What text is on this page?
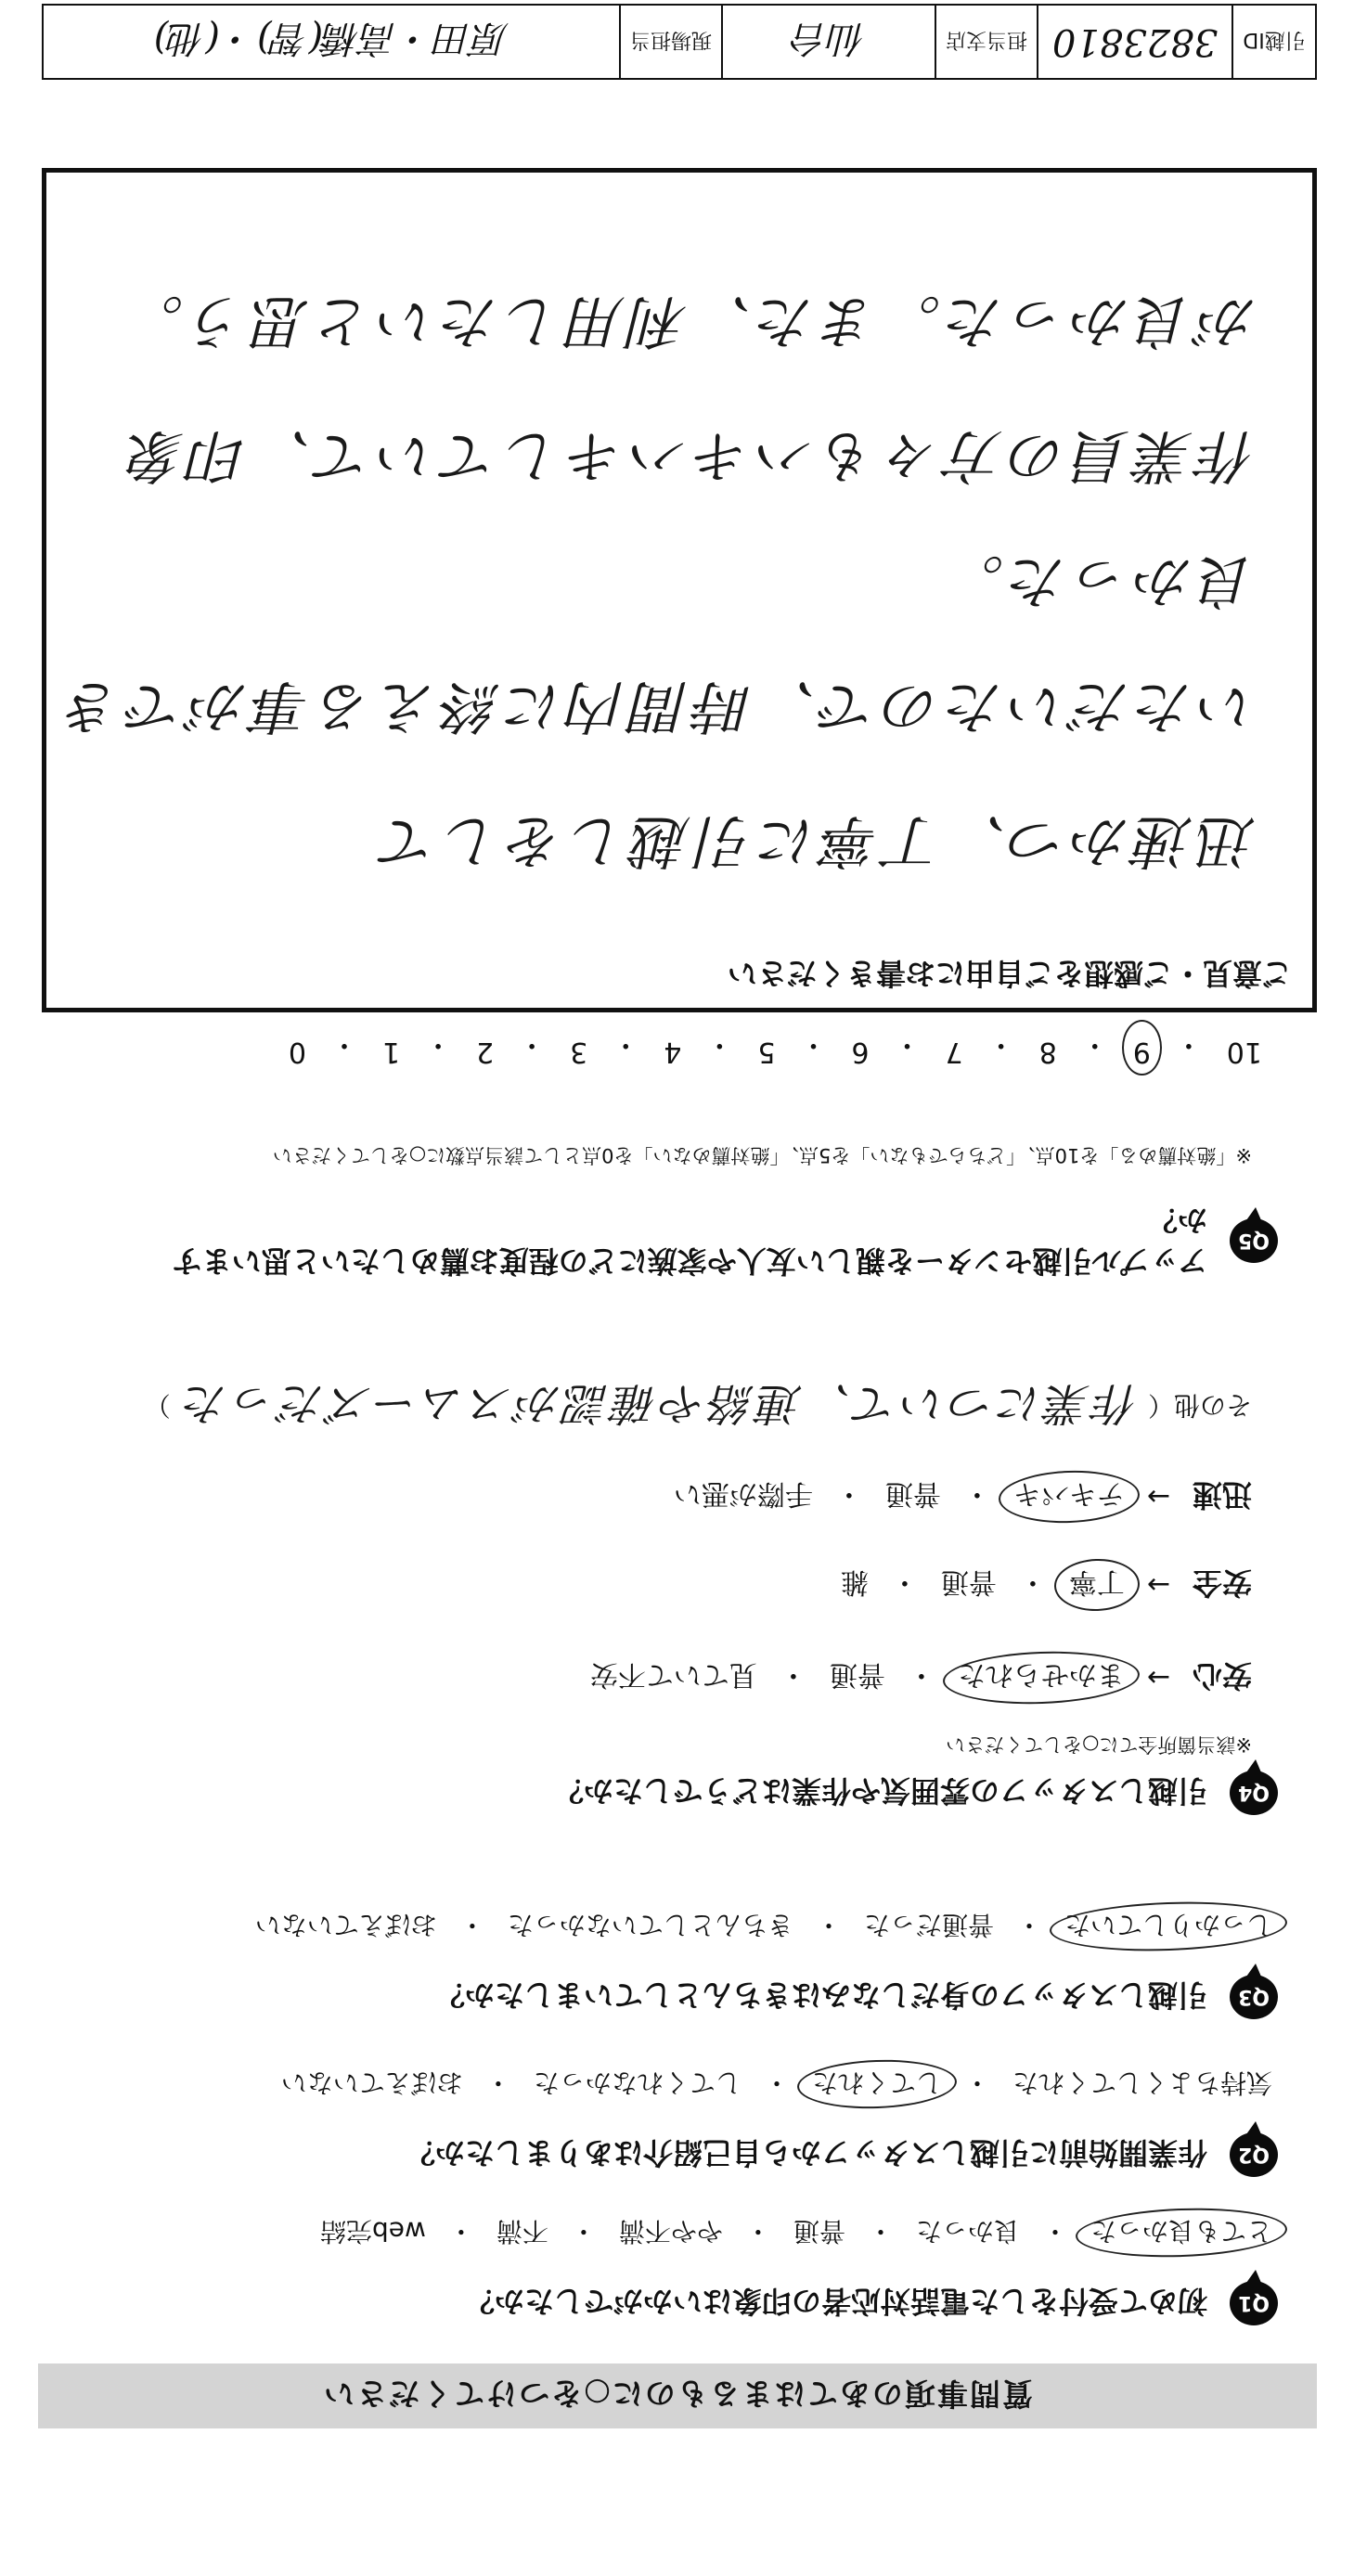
質問事項のあてはまるものに○をつけてください
Q1
初めて受付をした電話対応者の印象はいかがでしたか？
とても良かった
・
良かった
・
普通
・
やや不満
・
不満
・
web完結
Q2
作業開始前に引越しスタッフから自己紹介はありましたか？
気持ちよくしてくれた
・
してくれた
・
してくれなかった
・
おぼえていない
Q3
引越しスタッフの身だしなみはきちんとしていましたか？
しっかりしていた
・
普通だった
・
きちんとしていなかった
・
おぼえていない
Q4
引越しスタッフの雰囲気や作業はどうでしたか？
※該当箇所全てに○をしてください
安心
→
まかせられた
・
普通
・
見ていて不安
安全
→
丁寧
・
普通
・
雑
迅速
→
テキパキ
・
普通
・
手際が悪い
その他（
作業について、連絡や確認がスムーズだった
）
Q5
アップル引越センターを親しい友人や家族にどの程度お薦めしたいと思いますか？
※「絶対薦める」を10点、「どちらでもない」を5点、「絶対薦めない」を0点として該当点数に○をしてください
10
・
9
・
8
・
7
・
6
・
5
・
4
・
3
・
2
・
1
・
0
ご意見・ご感想をご自由にお書きください
迅速かつ、丁寧に引越しをして
いただいたので、時間内に終える事ができ
良かった。
作業員の方々もハキハキしていて、印象
が良かった。また、利用したいと思う。
引越ID
3823810
担当支店
仙台
現場担当
原田・高橋(智)・(他)
